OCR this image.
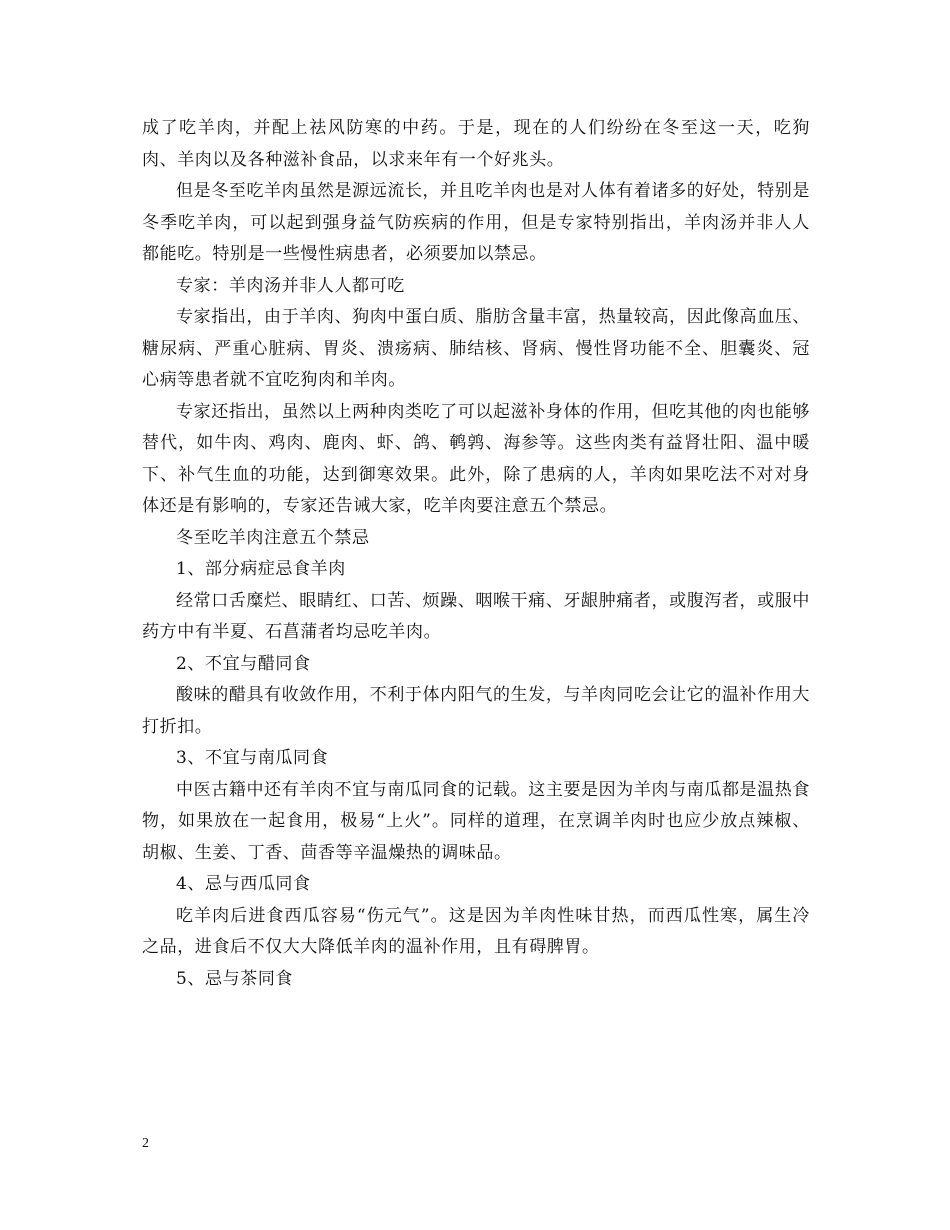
成了吃羊肉，并配上祛风防寒的中药。于是，现在的人们纷纷在冬至这一天，吃狗肉、羊肉以及各种滋补食品，以求来年有一个好兆头。

但是冬至吃羊肉虽然是源远流长，并且吃羊肉也是对人体有着诸多的好处，特别是冬季吃羊肉，可以起到强身益气防疾病的作用，但是专家特别指出，羊肉汤并非人人都能吃。特别是一些慢性病患者，必须要加以禁忌。

专家：羊肉汤并非人人都可吃

专家指出，由于羊肉、狗肉中蛋白质、脂肪含量丰富，热量较高，因此像高血压、糖尿病、严重心脏病、胃炎、溃疡病、肺结核、肾病、慢性肾功能不全、胆囊炎、冠心病等患者就不宜吃狗肉和羊肉。

专家还指出，虽然以上两种肉类吃了可以起滋补身体的作用，但吃其他的肉也能够替代，如牛肉、鸡肉、鹿肉、虾、鸽、鹌鹑、海参等。这些肉类有益肾壮阳、温中暖下、补气生血的功能，达到御寒效果。此外，除了患病的人，羊肉如果吃法不对对身体还是有影响的，专家还告诫大家，吃羊肉要注意五个禁忌。

冬至吃羊肉注意五个禁忌

1、部分病症忌食羊肉

经常口舌糜烂、眼睛红、口苦、烦躁、咽喉干痛、牙龈肿痛者，或腹泻者，或服中药方中有半夏、石菖蒲者均忌吃羊肉。

2、不宜与醋同食

酸味的醋具有收敛作用，不利于体内阳气的生发，与羊肉同吃会让它的温补作用大打折扣。

3、不宜与南瓜同食

中医古籍中还有羊肉不宜与南瓜同食的记载。这主要是因为羊肉与南瓜都是温热食物，如果放在一起食用，极易“上火”。同样的道理，在烹调羊肉时也应少放点辣椒、胡椒、生姜、丁香、茴香等辛温燥热的调味品。

4、忌与西瓜同食

吃羊肉后进食西瓜容易“伤元气”。这是因为羊肉性味甘热，而西瓜性寒，属生冷之品，进食后不仅大大降低羊肉的温补作用，且有碍脾胃。

5、忌与茶同食

2
